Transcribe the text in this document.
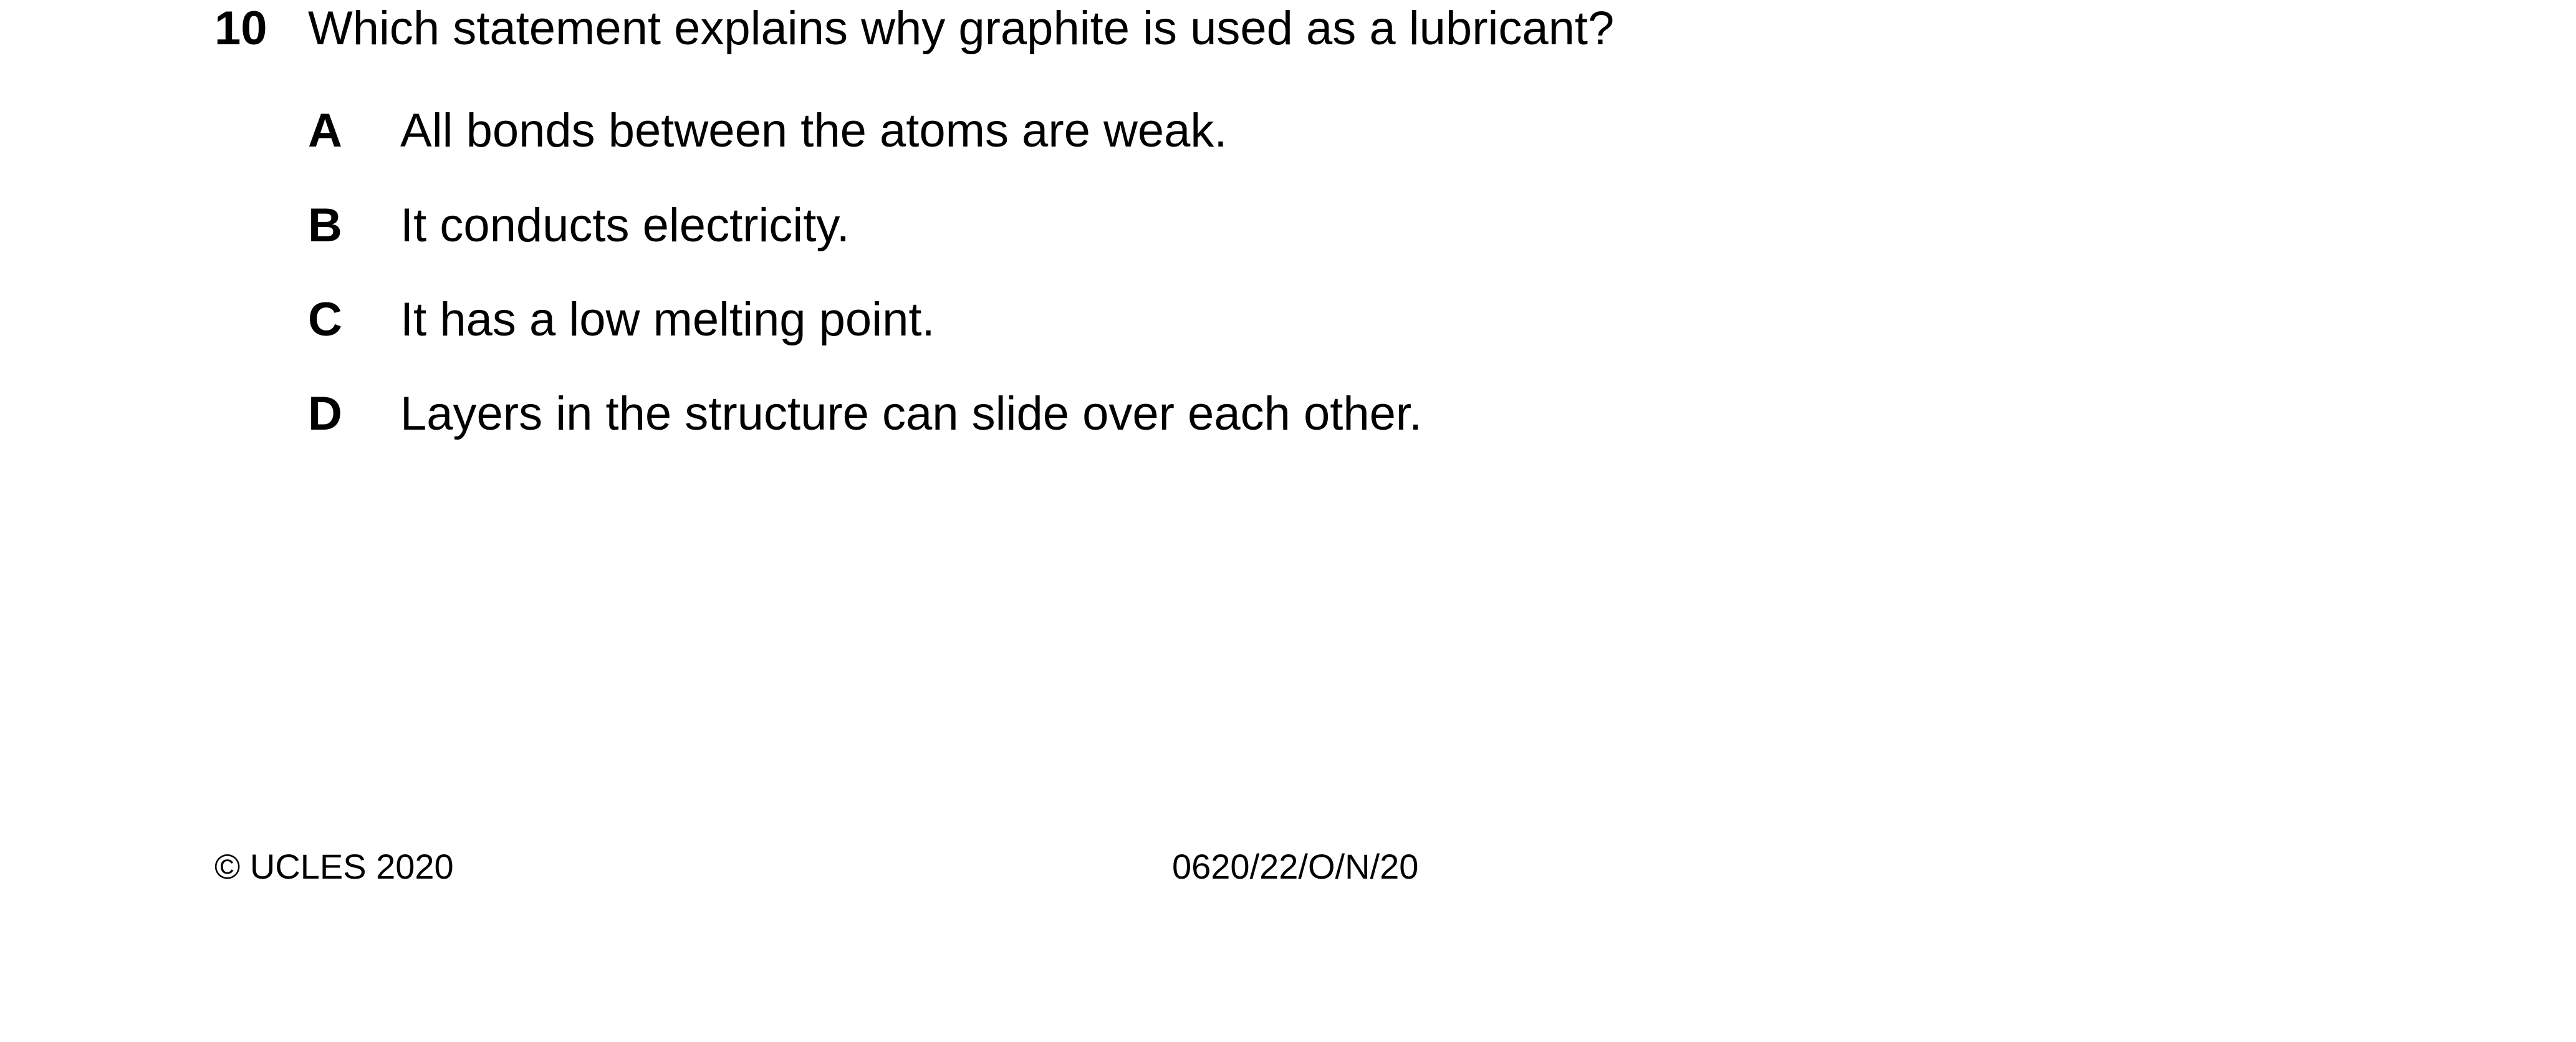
10 Which statement explains why graphite is used as a lubricant?
A All bonds between the atoms are weak.
B It conducts electricity.
C It has a low melting point.
D Layers in the structure can slide over each other.
© UCLES 2020	0620/22/O/N/20
